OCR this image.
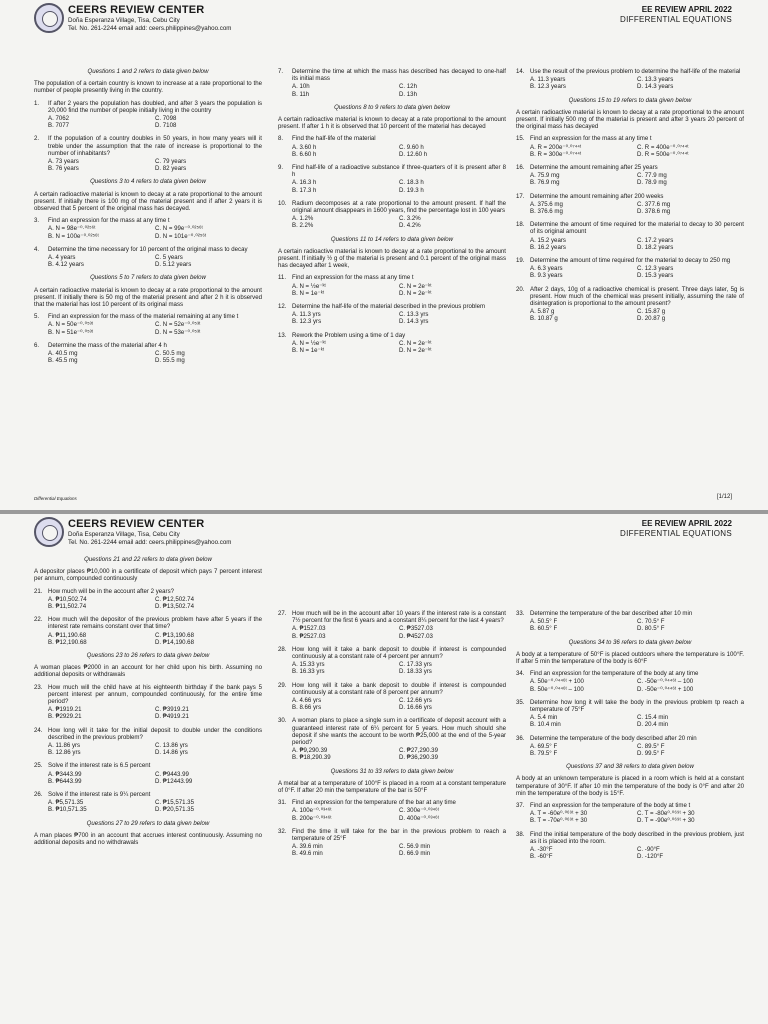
CEERS REVIEW CENTER
Doña Esperanza Village, Tisa, Cebu City
Tel. No. 261-2244 email add: ceers.philippines@yahoo.com
EE REVIEW APRIL 2022
DIFFERENTIAL EQUATIONS
Questions 1 and 2 refers to data given below
The population of a certain country is known to increase at a rate proportional to the number of people presently living in the country.
1.	If after 2 years the population has doubled, and after 3 years the population is 20,000 find the number of people initially living in the country
A. 7062	C. 7098
B. 7077	D. 7108
2.	If the population of a country doubles in 50 years, in how many years will it treble under the assumption that the rate of increase is proportional to the number of inhabitants?
A. 73 years	C. 79 years
B. 76 years	D. 82 years
Questions 3 to 4 refers to data given below
A certain radioactive material is known to decay at a rate proportional to the amount present. If initially there is 100 mg of the material present and if after 2 years it is observed that 5 percent of the original mass has decayed.
3.	Find an expression for the mass at any time t
A. N = 98e⁻⁰·⁰²⁵⁶ᵗ	C. N = 99e⁻⁰·⁰²⁵⁶ᵗ
B. N = 100e⁻⁰·⁰²⁵⁶ᵗ	D. N = 101e⁻⁰·⁰²⁵⁶ᵗ
4.	Determine the time necessary for 10 percent of the original mass to decay
A. 4 years	C. 5 years
B. 4.12 years	D. 5.12 years
Questions 5 to 7 refers to data given below
A certain radioactive material is known to decay at a rate proportional to the amount present. If initially there is 50 mg of the material present and after 2 h it is observed that the material has lost 10 percent of its original mass
5.	Find an expression for the mass of the material remaining at any time t
A. N = 50e⁻⁰·⁰⁵³ᵗ	C. N = 52e⁻⁰·⁰⁵³ᵗ
B. N = 51e⁻⁰·⁰⁵³ᵗ	D. N = 53e⁻⁰·⁰⁵³ᵗ
6.	Determine the mass of the material after 4 h
A. 40.5 mg	C. 50.5 mg
B. 45.5 mg	D. 55.5 mg
7.	Determine the time at which the mass has described has decayed to one-half its initial mass
A. 10h	C. 12h
B. 11h	D. 13h
Questions 8 to 9 refers to data given below
A certain radioactive material is known to decay at a rate proportional to the amount present. If after 1 h it is observed that 10 percent of the material has decayed
8.	Find the half-life of the material
A. 3.60 h	C. 9.60 h
B. 6.60 h	D. 12.60 h
9.	Find half-life of a radioactive substance if three-quarters of it is present after 8 h
A. 16.3 h	C. 18.3 h
B. 17.3 h	D. 19.3 h
10. Radium decomposes at a rate proportional to the amount present. If half the original amount disappears in 1600 years, find the percentage lost in 100 years
A. 1.2%	C. 3.2%
B. 2.2%	D. 4.2%
Questions 11 to 14 refers to data given below
A certain radioactive material is known to decay at a rate proportional to the amount present. If initially ½ g of the material is present and 0.1 percent of the original mass has decayed after 1 week,
11. Find an expression for the mass at any time t
A. N = ½e⁻ᵏᵗ	C. N = 2e⁻ᵏᵗ
B. N = 1e⁻ᵏᵗ	D. N = 2e⁻ᵏᵗ
12. Determine the half-life of the material described in the previous problem
A. 11.3 yrs	C. 13.3 yrs
B. 12.3 yrs	D. 14.3 yrs
13. Rework the Problem using a time of 1 day
A. N = ½e⁻ᵏᵗ	C. N = 2e⁻ᵏᵗ
B. N = 1e⁻ᵏᵗ	D. N = 2e⁻ᵏᵗ
14. Use the result of the previous problem to determine the half-life of the material
A. 11.3 years	C. 13.3 years
B. 12.3 years	D. 14.3 years
Questions 15 to 19 refers to data given below
A certain radioactive material is known to decay at a rate proportional to the amount present. If initially 500 mg of the material is present and after 3 years 20 percent of the original mass has decayed
15. Find an expression for the mass at any time t
A. R = 200e⁻⁰·⁰⁷⁴⁴ᵗ	C. R = 400e⁻⁰·⁰⁷⁴⁴ᵗ
B. R = 300e⁻⁰·⁰⁷⁴⁴ᵗ	D. R = 500e⁻⁰·⁰⁷⁴⁴ᵗ
16. Determine the amount remaining after 25 years
A. 75.9 mg	C. 77.9 mg
B. 76.9 mg	D. 78.9 mg
17. Determine the amount remaining after 200 weeks
A. 375.6 mg	C. 377.6 mg
B. 376.6 mg	D. 378.6 mg
18. Determine the amount of time required for the material to decay to 30 percent of its original amount
A. 15.2 years	C. 17.2 years
B. 16.2 years	D. 18.2 years
19. Determine the amount of time required for the material to decay to 250 mg
A. 6.3 years	C. 12.3 years
B. 9.3 years	D. 15.3 years
20. After 2 days, 10g of a radioactive chemical is present. Three days later, 5g is present. How much of the chemical was present initially, assuming the rate of disintegration is proportional to the amount present?
A. 5.87 g	C. 15.87 g
B. 10.87 g	D. 20.87 g
Differential Equations	[1/12]
CEERS REVIEW CENTER
Doña Esperanza Village, Tisa, Cebu City
Tel. No. 261-2244 email add: ceers.philippines@yahoo.com
EE REVIEW APRIL 2022
DIFFERENTIAL EQUATIONS
Questions 21 and 22 refers to data given below
A depositor places ₱10,000 in a certificate of deposit which pays 7 percent interest per annum, compounded continuously
21. How much will be in the account after 2 years?
A. ₱10,502.74	C. ₱12,502.74
B. ₱11,502.74	D. ₱13,502.74
22. How much will the depositor of the previous problem have after 5 years if the interest rate remains constant over that time?
A. ₱11,190.68	C. ₱13,190.68
B. ₱12,190.68	D. ₱14,190.68
Questions 23 to 26 refers to data given below
A woman places ₱2000 in an account for her child upon his birth. Assuming no additional deposits or withdrawals
23. How much will the child have at his eighteenth birthday if the bank pays 5 percent interest per annum, compounded continuously, for the entire time period?
A. ₱1919.21	C. ₱3919.21
B. ₱2929.21	D. ₱4919.21
24. How long will it take for the initial deposit to double under the conditions described in the previous problem?
A. 11.86 yrs	C. 13.86 yrs
B. 12.86 yrs	D. 14.86 yrs
25. Solve if the interest rate is 6.5 percent
A. ₱3443.99	C. ₱9443.99
B. ₱6443.99	D. ₱12443.99
26. Solve if the interest rate is 9¼ percent
A. ₱5,571.35	C. ₱15,571.35
B. ₱10,571.35	D. ₱20,571.35
Questions 27 to 29 refers to data given below
A man places ₱700 in an account that accrues interest continuously. Assuming no additional deposits and no withdrawals
27. How much will be in the account after 10 years if the interest rate is a constant 7½ percent for the first 6 years and a constant 8¼ percent for the last 4 years?
A. ₱1527.03	C. ₱3527.03
B. ₱2527.03	D. ₱4527.03
28. How long will it take a bank deposit to double if interest is compounded continuously at a constant rate of 4 percent per annum?
A. 15.33 yrs	C. 17.33 yrs
B. 16.33 yrs	D. 18.33 yrs
29. How long will it take a bank deposit to double if interest is compounded continuously at a constant rate of 8 percent per annum?
A. 4.66 yrs	C. 12.66 yrs
B. 8.66 yrs	D. 16.66 yrs
30. A woman plans to place a single sum in a certificate of deposit account with a guaranteed interest rate of 6¼ percent for 5 years. How much should she deposit if she wants the account to be worth ₱25,000 at the end of the 5-year period?
A. ₱9,290.39	C. ₱27,290.39
B. ₱18,290.39	D. ₱36,290.39
Questions 31 to 33 refers to data given below
A metal bar at a temperature of 100°F is placed in a room at a constant temperature of 0°F. If after 20 min the temperature of the bar is 50°F
31. Find an expression for the temperature of the bar at any time
A. 100e⁻⁰·⁰³⁴⁶ᵗ	C. 300e⁻⁰·⁰³⁴⁶ᵗ
B. 200e⁻⁰·⁰³⁴⁶ᵗ	D. 400e⁻⁰·⁰³⁴⁶ᵗ
32. Find the time it will take for the bar in the previous problem to reach a temperature of 25°F
A. 39.6 min	C. 56.9 min
B. 49.6 min	D. 66.9 min
33. Determine the temperature of the bar described after 10 min
A. 50.5° F	C. 70.5° F
B. 60.5° F	D. 80.5° F
Questions 34 to 36 refers to data given below
A body at a temperature of 50°F is placed outdoors where the temperature is 100°F. If after 5 min the temperature of the body is 60°F
34. Find an expression for the temperature of the body at any time
A. 50e⁻⁰·⁰⁴⁴⁶ᵗ + 100	C. -50e⁻⁰·⁰⁴⁴⁶ᵗ – 100
B. 50e⁻⁰·⁰⁴⁴⁶ᵗ – 100	D. -50e⁻⁰·⁰⁴⁴⁶ᵗ + 100
35. Determine how long it will take the body in the previous problem tp reach a temperature of 75°F
A. 5.4 min	C. 15.4 min
B. 10.4 min	D. 20.4 min
36. Determine the temperature of the body described after 20 min
A. 69.5° F	C. 89.5° F
B. 79.5° F	D. 99.5° F
Questions 37 and 38 refers to data given below
A body at an unknown temperature is placed in a room which is held at a constant temperature of 30°F. If after 10 min the temperature of the body is 0°F and after 20 min the temperature of the body is 15°F.
37. Find an expression for the temperature of the body at time t
A. T = -60e⁰·⁰⁶⁹ᵗ + 30	C. T = -80e⁰·⁰⁶⁹ᵗ + 30
B. T = -70e⁰·⁰⁶⁹ᵗ + 30	D. T = -90e⁰·⁰⁶⁹ᵗ + 30
38. Find the initial temperature of the body described in the previous problem, just as it is placed into the room.
A. -30°F	C. -90°F
B. -60°F	D. -120°F
